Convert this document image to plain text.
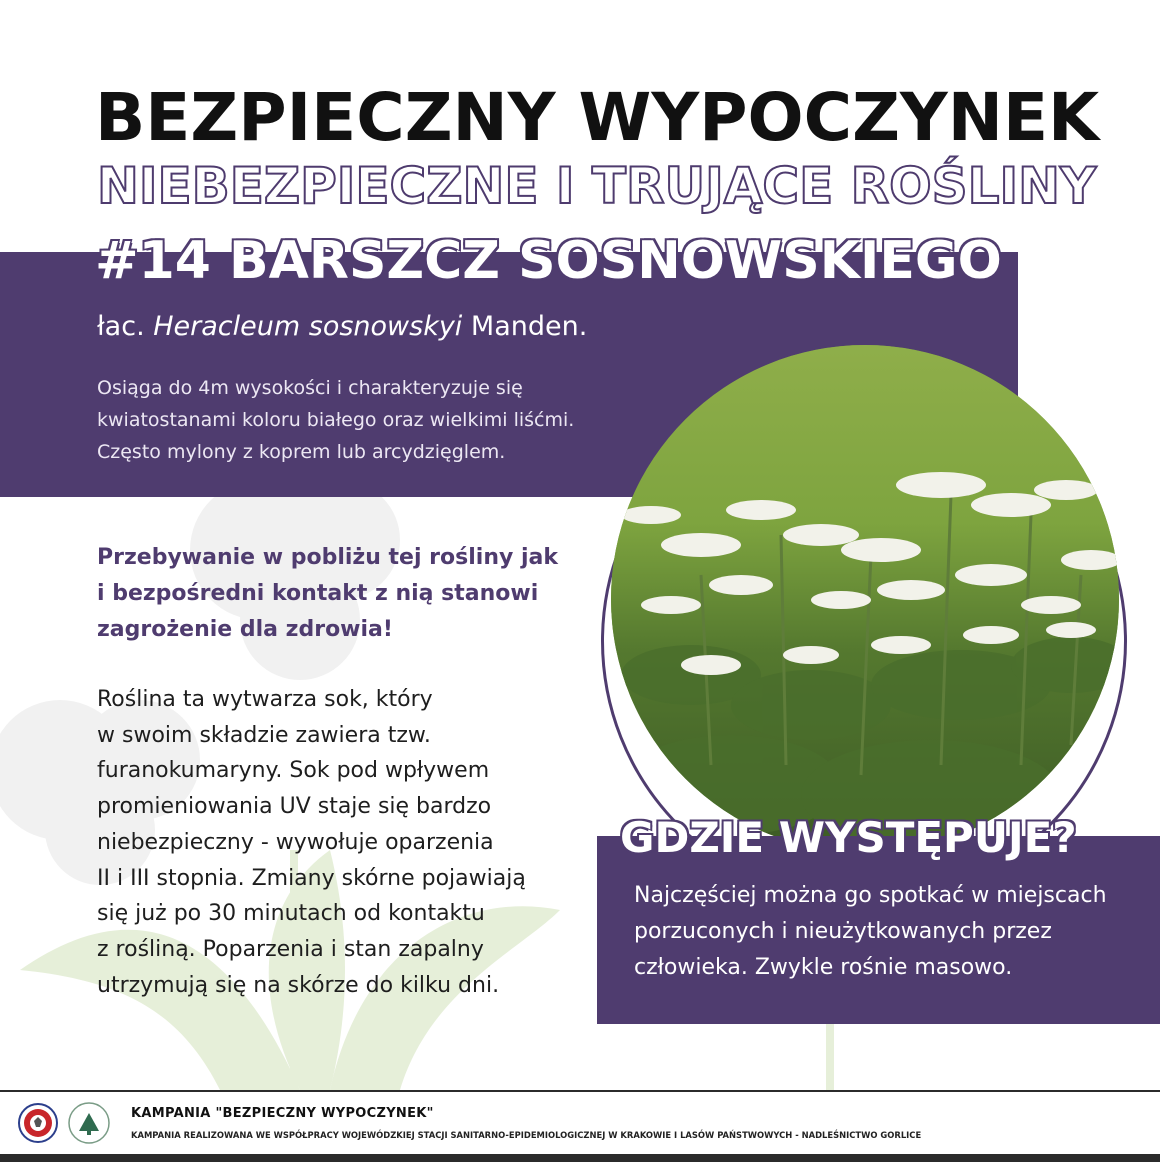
BEZPIECZNY WYPOCZYNEK
NIEBEZPIECZNE I TRUJĄCE ROŚLINY
#14 BARSZCZ SOSNOWSKIEGO
łac. Heracleum sosnowskyi Manden.
Osiąga do 4m wysokości i charakteryzuje się
kwiatostanami koloru białego oraz wielkimi liśćmi.
Często mylony z koprem lub arcydzięglem.
Przebywanie w pobliżu tej rośliny jak
i bezpośredni kontakt z nią stanowi
zagrożenie dla zdrowia!
Roślina ta wytwarza sok, który
w swoim składzie zawiera tzw.
furanokumaryny. Sok pod wpływem
promieniowania UV staje się bardzo
niebezpieczny - wywołuje oparzenia
II i III stopnia. Zmiany skórne pojawiają
się już po 30 minutach od kontaktu
z rośliną. Poparzenia i stan zapalny
utrzymują się na skórze do kilku dni.
GDZIE WYSTĘPUJE?
Najczęściej można go spotkać w miejscach
porzuconych i nieużytkowanych przez
człowieka. Zwykle rośnie masowo.
KAMPANIA "BEZPIECZNY WYPOCZYNEK"
KAMPANIA REALIZOWANA WE WSPÓŁPRACY WOJEWÓDZKIEJ STACJI SANITARNO-EPIDEMIOLOGICZNEJ W KRAKOWIE I LASÓW PAŃSTWOWYCH - NADLEŚNICTWO GORLICE
